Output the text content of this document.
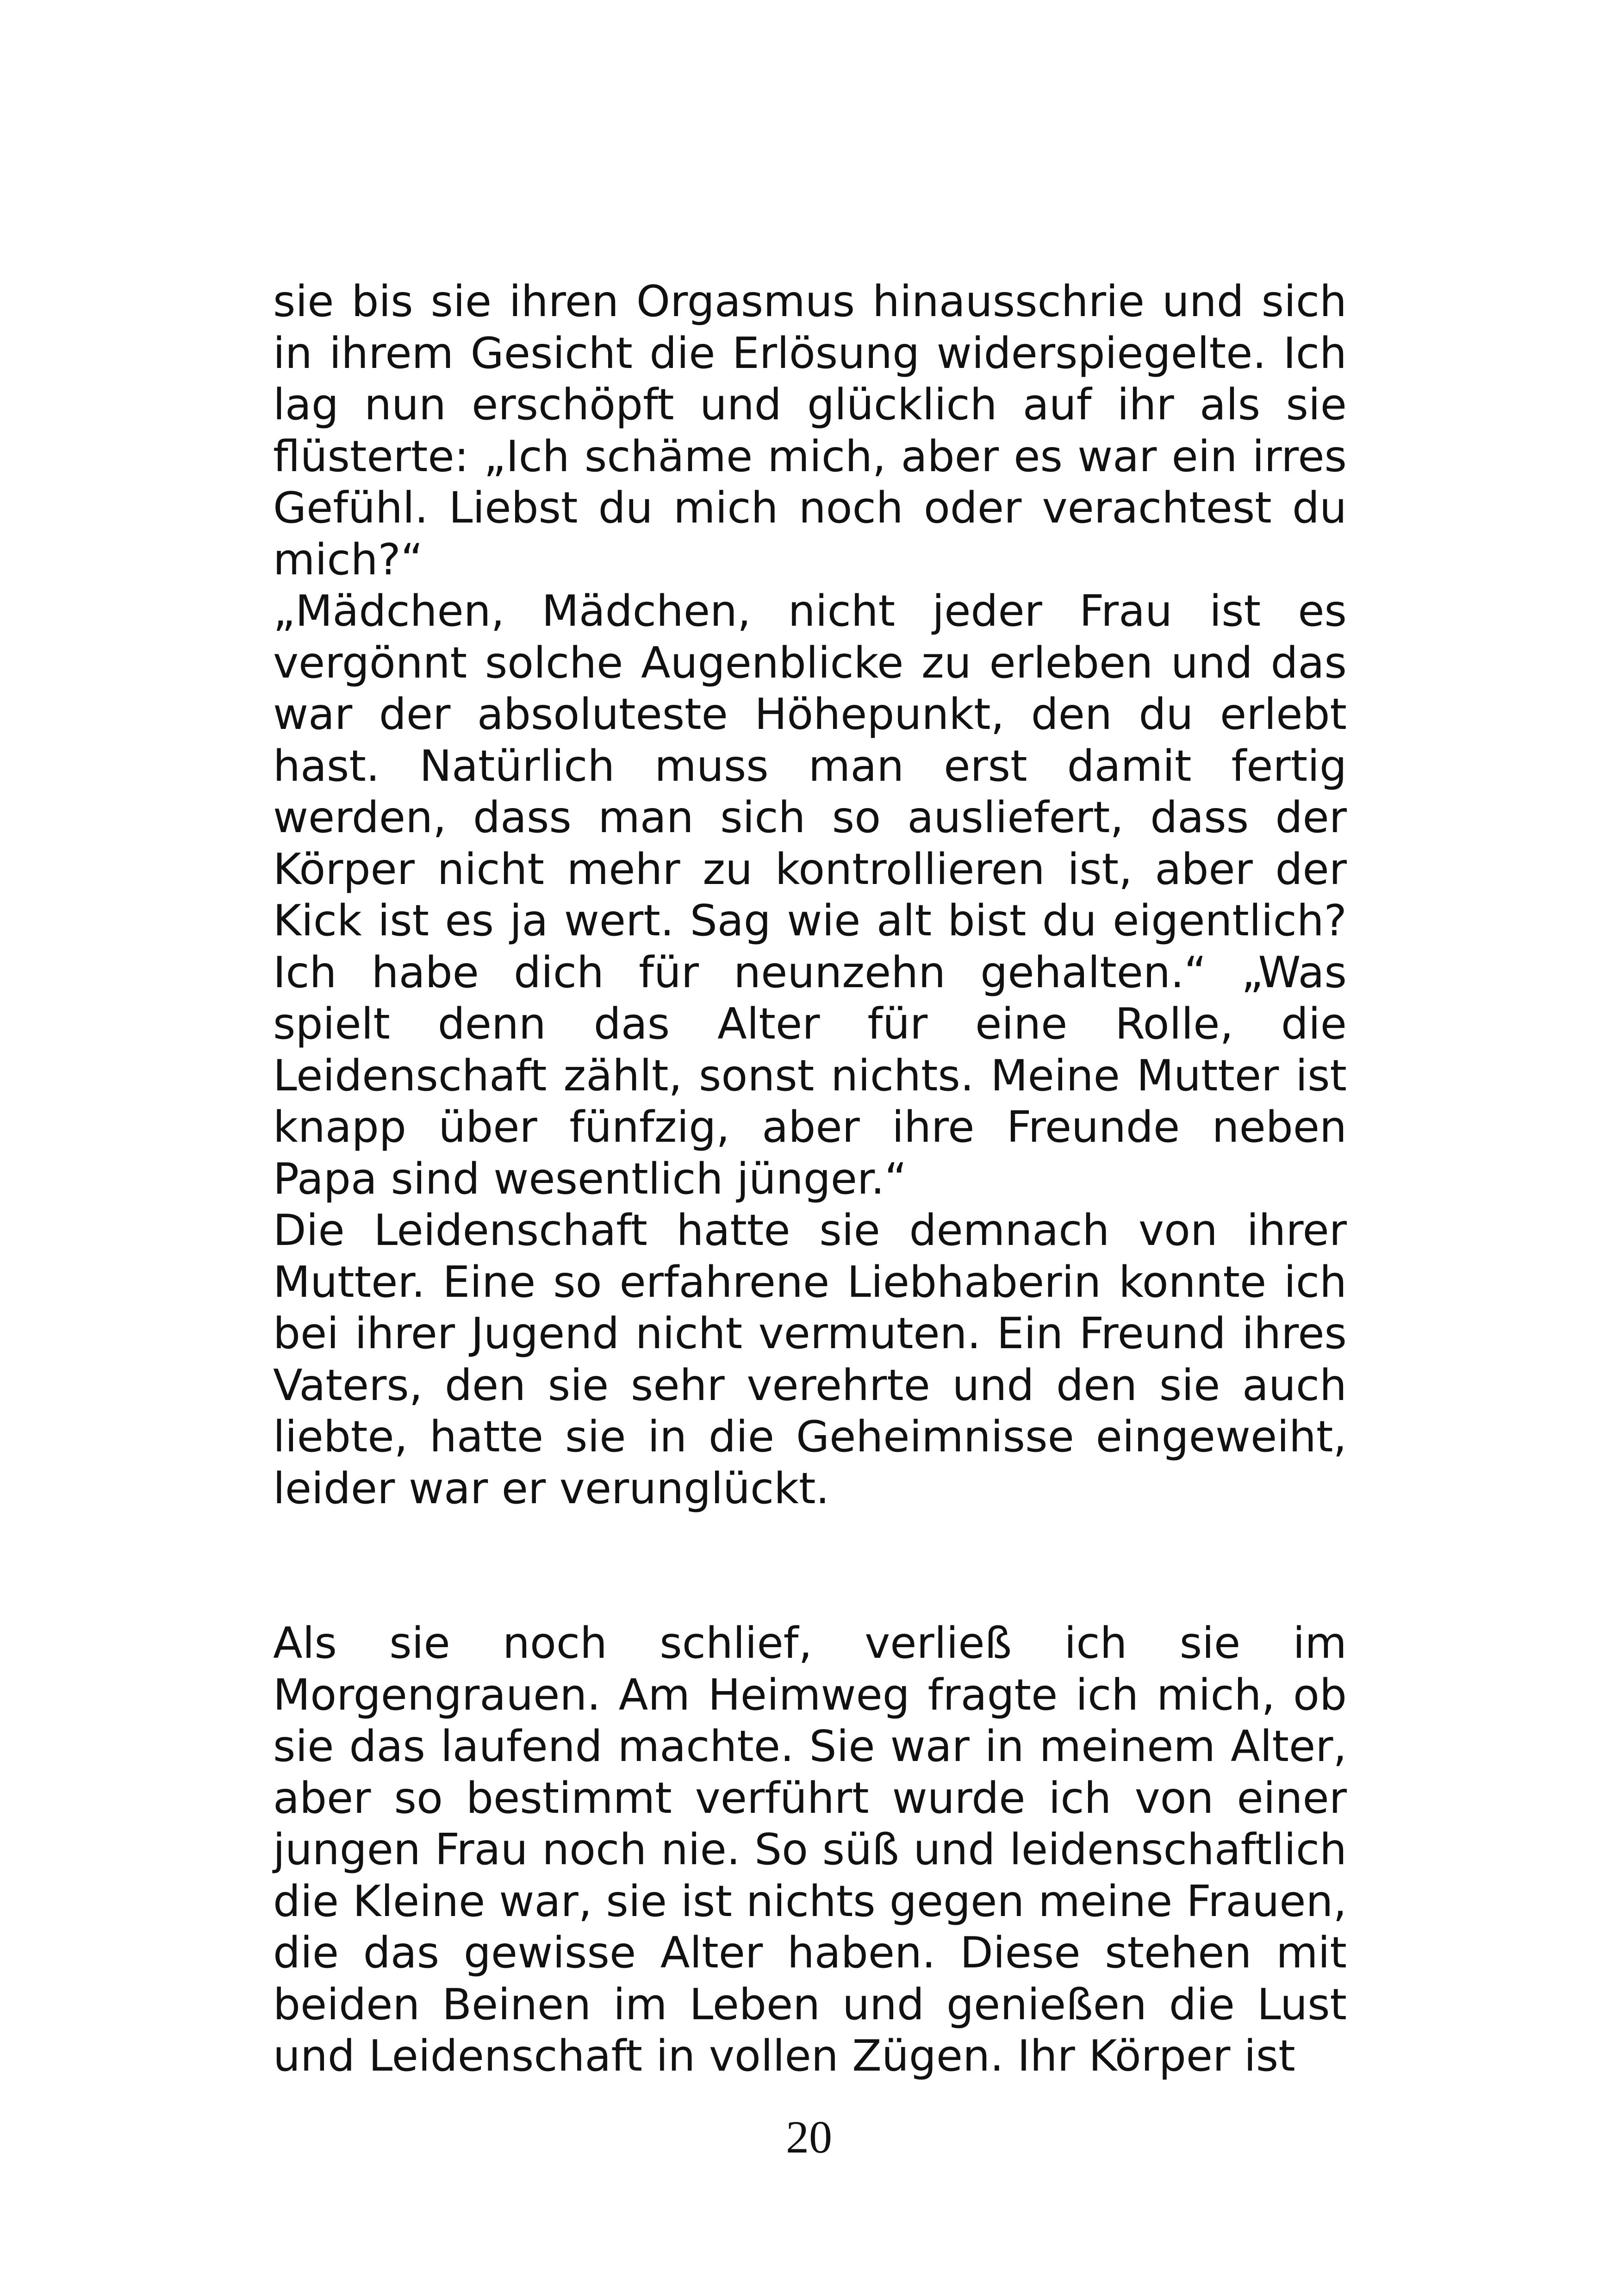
sie bis sie ihren Orgasmus hinausschrie und sich in ihrem Gesicht die Erlösung widerspiegelte. Ich lag nun erschöpft und glücklich auf ihr als sie flüsterte: „Ich schäme mich, aber es war ein irres Gefühl. Liebst du mich noch oder verachtest du mich?“

„Mädchen, Mädchen, nicht jeder Frau ist es vergönnt solche Augenblicke zu erleben und das war der absoluteste Höhepunkt, den du erlebt hast. Natürlich muss man erst damit fertig werden, dass man sich so ausliefert, dass der Körper nicht mehr zu kontrollieren ist, aber der Kick ist es ja wert. Sag wie alt bist du eigentlich? Ich habe dich für neunzehn gehalten.“ „Was spielt denn das Alter für eine Rolle, die Leidenschaft zählt, sonst nichts. Meine Mutter ist knapp über fünfzig, aber ihre Freunde neben Papa sind wesentlich jünger.“

Die Leidenschaft hatte sie demnach von ihrer Mutter. Eine so erfahrene Liebhaberin konnte ich bei ihrer Jugend nicht vermuten. Ein Freund ihres Vaters, den sie sehr verehrte und den sie auch liebte, hatte sie in die Geheimnisse eingeweiht, leider war er verunglückt.

Als sie noch schlief, verließ ich sie im Morgengrauen. Am Heimweg fragte ich mich, ob sie das laufend machte. Sie war in meinem Alter, aber so bestimmt verführt wurde ich von einer jungen Frau noch nie. So süß und leidenschaftlich die Kleine war, sie ist nichts gegen meine Frauen, die das gewisse Alter haben. Diese stehen mit beiden Beinen im Leben und genießen die Lust und Leidenschaft in vollen Zügen. Ihr Körper ist

20
